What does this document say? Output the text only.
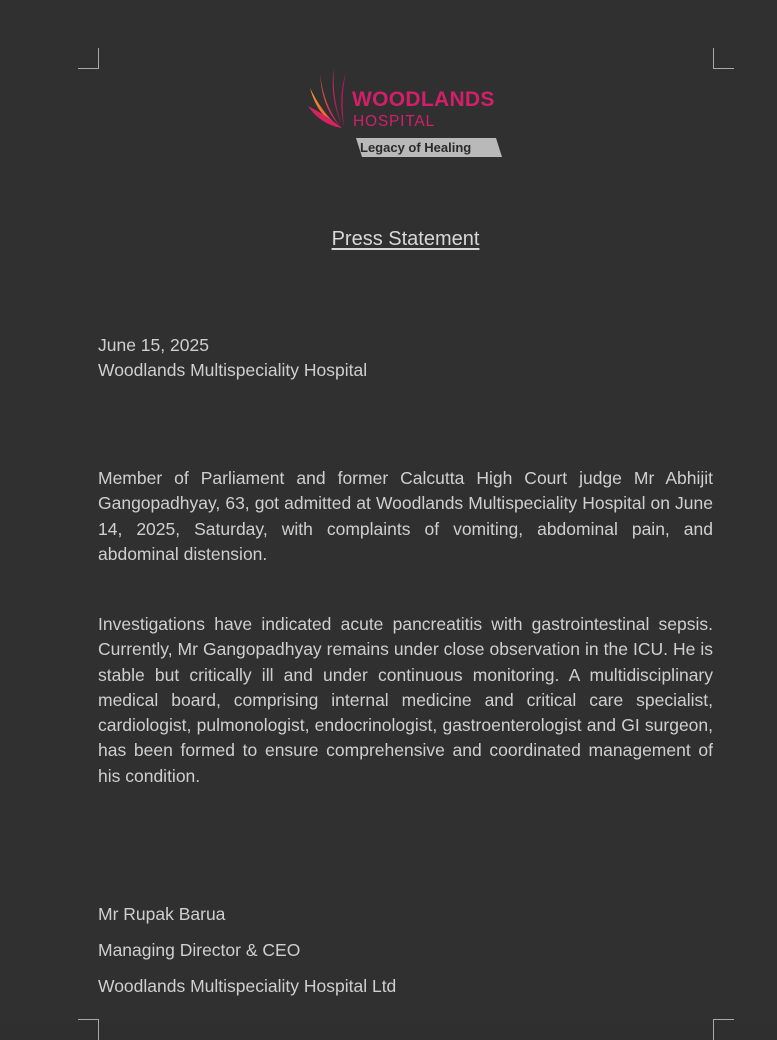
WOODLANDS
HOSPITAL
Legacy of Healing
Press Statement
June 15, 2025
Woodlands Multispeciality Hospital
Member of Parliament and former Calcutta High Court judge Mr Abhijit Gangopadhyay, 63, got admitted at Woodlands Multispeciality Hospital on June 14, 2025, Saturday, with complaints of vomiting, abdominal pain, and abdominal distension.
Investigations have indicated acute pancreatitis with gastrointestinal sepsis. Currently, Mr Gangopadhyay remains under close observation in the ICU. He is stable but critically ill and under continuous monitoring. A multidisciplinary medical board, comprising internal medicine and critical care specialist, cardiologist, pulmonologist, endocrinologist, gastroenterologist and GI surgeon, has been formed to ensure comprehensive and coordinated management of his condition.
Mr Rupak Barua
Managing Director & CEO
Woodlands Multispeciality Hospital Ltd
